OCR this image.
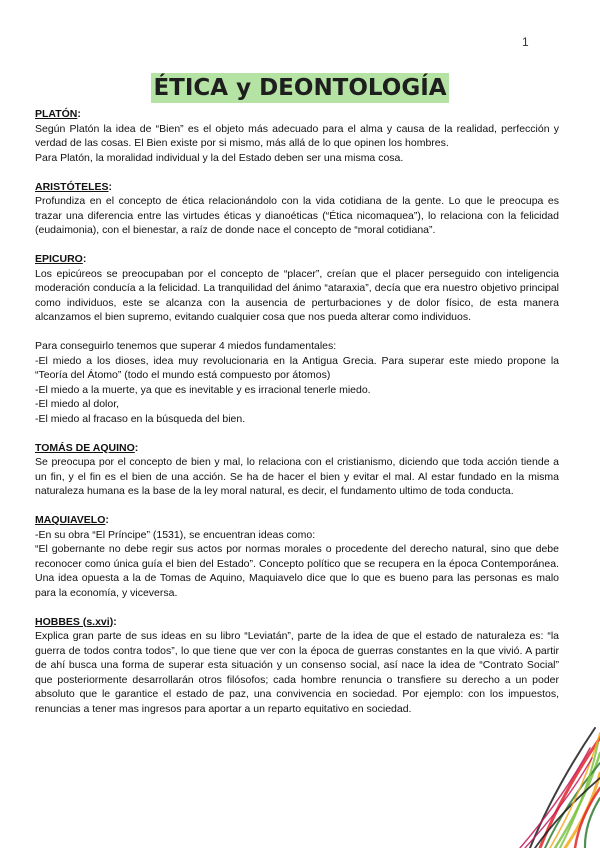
1
ÉTICA y DEONTOLOGÍA
PLATÓN:

Según Platón la idea de “Bien” es el objeto más adecuado para el alma y causa de la realidad, perfección y verdad de las cosas. El Bien existe por si mismo, más allá de lo que opinen los hombres.

Para Platón, la moralidad individual y la del Estado deben ser una misma cosa.

ARISTÓTELES:

Profundiza en el concepto de ética relacionándolo con la vida cotidiana de la gente. Lo que le preocupa es trazar una diferencia entre las virtudes éticas y dianoéticas (“Ética nicomaquea”), lo relaciona con la felicidad (eudaimonia), con el bienestar, a raíz de donde nace el concepto de “moral cotidiana”.

EPICURO:

Los epicúreos se preocupaban por el concepto de “placer”, creían que el placer perseguido con inteligencia moderación conducía a la felicidad. La tranquilidad del ánimo “ataraxia”, decía que era nuestro objetivo principal como individuos, este se alcanza con la ausencia de perturbaciones y de dolor físico, de esta manera alcanzamos el bien supremo, evitando cualquier cosa que nos pueda alterar como individuos.

Para conseguirlo tenemos que superar 4 miedos fundamentales:

-El miedo a los dioses, idea muy revolucionaria en la Antigua Grecia. Para superar este miedo propone la “Teoría del Átomo” (todo el mundo está compuesto por átomos)

-El miedo a la muerte, ya que es inevitable y es irracional tenerle miedo.

-El miedo al dolor,

-El miedo al fracaso en la búsqueda del bien.

TOMÁS DE AQUINO:

Se preocupa por el concepto de bien y mal, lo relaciona con el cristianismo, diciendo que toda acción tiende a un fin, y el fin es el bien de una acción. Se ha de hacer el bien y evitar el mal. Al estar fundado en la misma naturaleza humana es la base de la ley moral natural, es decir, el fundamento ultimo de toda conducta.

MAQUIAVELO:

-En su obra “El Príncipe” (1531), se encuentran ideas como:

“El gobernante no debe regir sus actos por normas morales o procedente del derecho natural, sino que debe reconocer como única guía el bien del Estado”. Concepto político que se recupera en la época Contemporánea. Una idea opuesta a la de Tomas de Aquino, Maquiavelo dice que lo que es bueno para las personas es malo para la economía, y viceversa.

HOBBES (s.xvi):

Explica gran parte de sus ideas en su libro “Leviatán”, parte de la idea de que el estado de naturaleza es: “la guerra de todos contra todos”, lo que tiene que ver con la época de guerras constantes en la que vivió. A partir de ahí busca una forma de superar esta situación y un consenso social, así nace la idea de “Contrato Social” que posteriormente desarrollarán otros filósofos; cada hombre renuncia o transfiere su derecho a un poder absoluto que le garantice el estado de paz, una convivencia en sociedad. Por ejemplo: con los impuestos, renuncias a tener mas ingresos para aportar a un reparto equitativo en sociedad.
